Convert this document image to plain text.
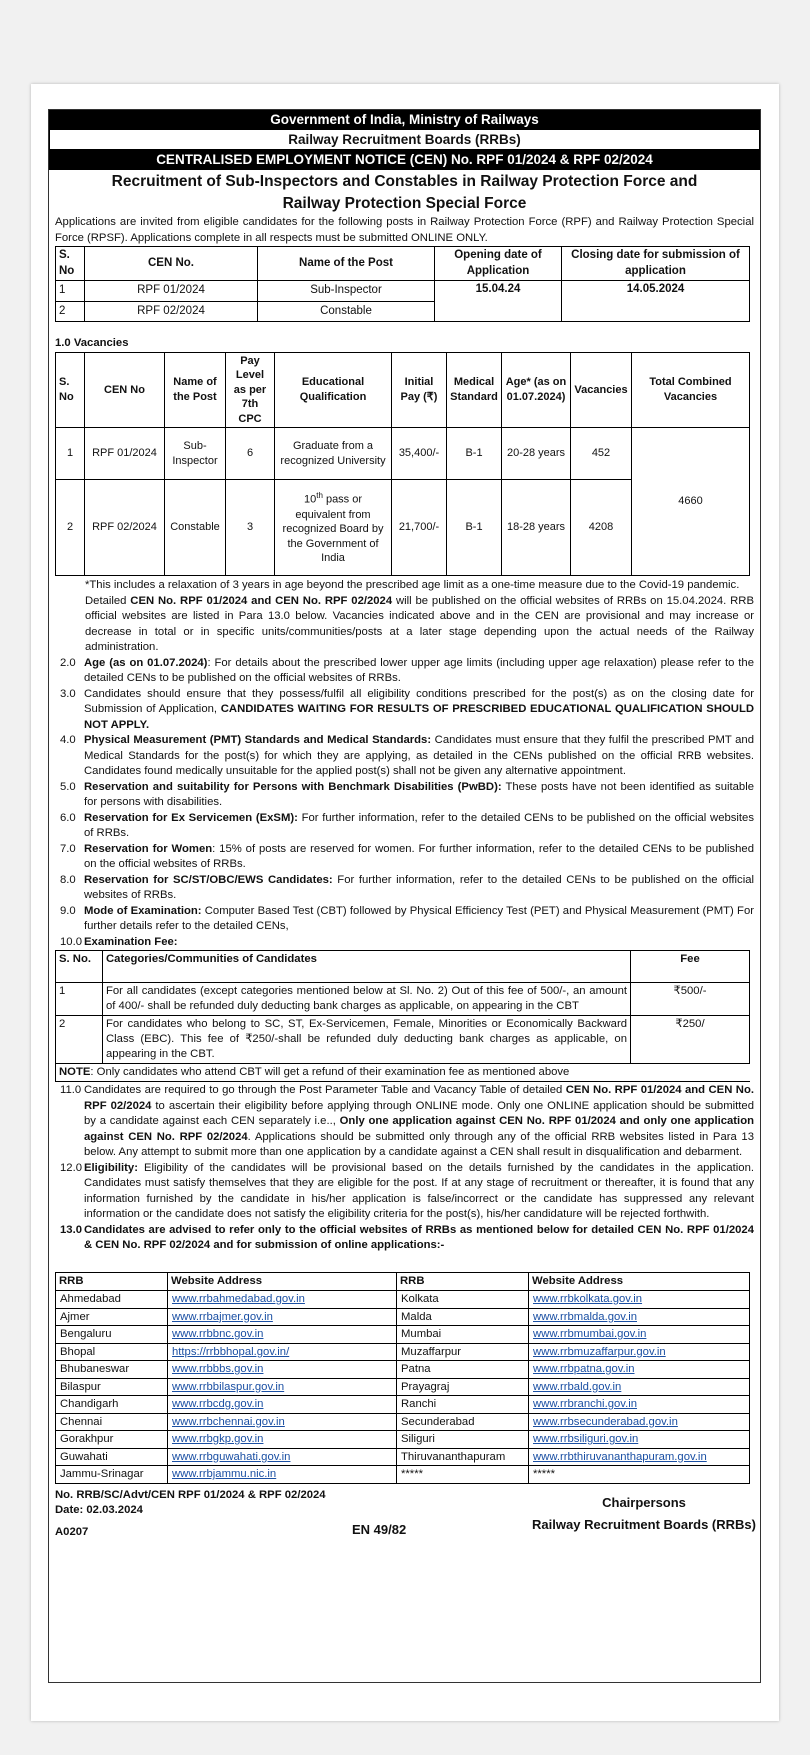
Government of India, Ministry of Railways
Railway Recruitment Boards (RRBs)
CENTRALISED EMPLOYMENT NOTICE (CEN) No. RPF 01/2024 & RPF 02/2024
Recruitment of Sub-Inspectors and Constables in Railway Protection Force and
Railway Protection Special Force
Applications are invited from eligible candidates for the following posts in Railway Protection Force (RPF) and Railway Protection Special Force (RPSF). Applications complete in all respects must be submitted ONLINE ONLY.
S. No	CEN No.	Name of the Post	Opening date of Application	Closing date for submission of application
1	RPF 01/2024	Sub-Inspector	15.04.24	14.05.2024
2	RPF 02/2024	Constable		
1.0 Vacancies
S. No	CEN No	Name of the Post	Pay Level as per 7th CPC	Educational Qualification	Initial Pay (₹)	Medical Standard	Age* (as on 01.07.2024)	Vacancies	Total Combined Vacancies
1	RPF 01/2024	Sub-Inspector	6	Graduate from a recognized University	35,400/-	B-1	20-28 years	452	4660
2	RPF 02/2024	Constable	3	10th pass or equivalent from recognized Board by the Government of India	21,700/-	B-1	18-28 years	4208	
*This includes a relaxation of 3 years in age beyond the prescribed age limit as a one-time measure due to the Covid-19 pandemic.
Detailed CEN No. RPF 01/2024 and CEN No. RPF 02/2024 will be published on the official websites of RRBs on 15.04.2024. RRB official websites are listed in Para 13.0 below. Vacancies indicated above and in the CEN are provisional and may increase or decrease in total or in specific units/communities/posts at a later stage depending upon the actual needs of the Railway administration.
2.0 Age (as on 01.07.2024): For details about the prescribed lower upper age limits (including upper age relaxation) please refer to the detailed CENs to be published on the official websites of RRBs.
3.0 Candidates should ensure that they possess/fulfil all eligibility conditions prescribed for the post(s) as on the closing date for Submission of Application, CANDIDATES WAITING FOR RESULTS OF PRESCRIBED EDUCATIONAL QUALIFICATION SHOULD NOT APPLY.
4.0 Physical Measurement (PMT) Standards and Medical Standards: Candidates must ensure that they fulfil the prescribed PMT and Medical Standards for the post(s) for which they are applying, as detailed in the CENs published on the official RRB websites. Candidates found medically unsuitable for the applied post(s) shall not be given any alternative appointment.
5.0 Reservation and suitability for Persons with Benchmark Disabilities (PwBD): These posts have not been identified as suitable for persons with disabilities.
6.0 Reservation for Ex Servicemen (ExSM): For further information, refer to the detailed CENs to be published on the official websites of RRBs.
7.0 Reservation for Women: 15% of posts are reserved for women. For further information, refer to the detailed CENs to be published on the official websites of RRBs.
8.0 Reservation for SC/ST/OBC/EWS Candidates: For further information, refer to the detailed CENs to be published on the official websites of RRBs.
9.0 Mode of Examination: Computer Based Test (CBT) followed by Physical Efficiency Test (PET) and Physical Measurement (PMT) For further details refer to the detailed CENs,
10.0 Examination Fee:
S. No.	Categories/Communities of Candidates	Fee
1	For all candidates (except categories mentioned below at Sl. No. 2) Out of this fee of 500/-, an amount of 400/- shall be refunded duly deducting bank charges as applicable, on appearing in the CBT	₹500/-
2	For candidates who belong to SC, ST, Ex-Servicemen, Female, Minorities or Economically Backward Class (EBC). This fee of ₹250/-shall be refunded duly deducting bank charges as applicable, on appearing in the CBT.	₹250/
NOTE: Only candidates who attend CBT will get a refund of their examination fee as mentioned above		
11.0 Candidates are required to go through the Post Parameter Table and Vacancy Table of detailed CEN No. RPF 01/2024 and CEN No. RPF 02/2024 to ascertain their eligibility before applying through ONLINE mode. Only one ONLINE application should be submitted by a candidate against each CEN separately i.e.., Only one application against CEN No. RPF 01/2024 and only one application against CEN No. RPF 02/2024. Applications should be submitted only through any of the official RRB websites listed in Para 13 below. Any attempt to submit more than one application by a candidate against a CEN shall result in disqualification and debarment.
12.0 Eligibility: Eligibility of the candidates will be provisional based on the details furnished by the candidates in the application. Candidates must satisfy themselves that they are eligible for the post. If at any stage of recruitment or thereafter, it is found that any information furnished by the candidate in his/her application is false/incorrect or the candidate has suppressed any relevant information or the candidate does not satisfy the eligibility criteria for the post(s), his/her candidature will be rejected forthwith.
13.0 Candidates are advised to refer only to the official websites of RRBs as mentioned below for detailed CEN No. RPF 01/2024 & CEN No. RPF 02/2024 and for submission of online applications:-
RRB	Website Address	RRB	Website Address
Ahmedabad	www.rrbahmedabad.gov.in	Kolkata	www.rrbkolkata.gov.in
Ajmer	www.rrbajmer.gov.in	Malda	www.rrbmalda.gov.in
Bengaluru	www.rrbbnc.gov.in	Mumbai	www.rrbmumbai.gov.in
Bhopal	https://rrbbhopal.gov.in/	Muzaffarpur	www.rrbmuzaffarpur.gov.in
Bhubaneswar	www.rrbbbs.gov.in	Patna	www.rrbpatna.gov.in
Bilaspur	www.rrbbilaspur.gov.in	Prayagraj	www.rrbald.gov.in
Chandigarh	www.rrbcdg.gov.in	Ranchi	www.rrbranchi.gov.in
Chennai	www.rrbchennai.gov.in	Secunderabad	www.rrbsecunderabad.gov.in
Gorakhpur	www.rrbgkp.gov.in	Siliguri	www.rrbsiliguri.gov.in
Guwahati	www.rrbguwahati.gov.in	Thiruvananthapuram	www.rrbthiruvananthapuram.gov.in
Jammu-Srinagar	www.rrbjammu.nic.in	*****	*****
No. RRB/SC/Advt/CEN RPF 01/2024 & RPF 02/2024
Date: 02.03.2024
A0207	EN 49/82
Chairpersons
Railway Recruitment Boards (RRBs)
